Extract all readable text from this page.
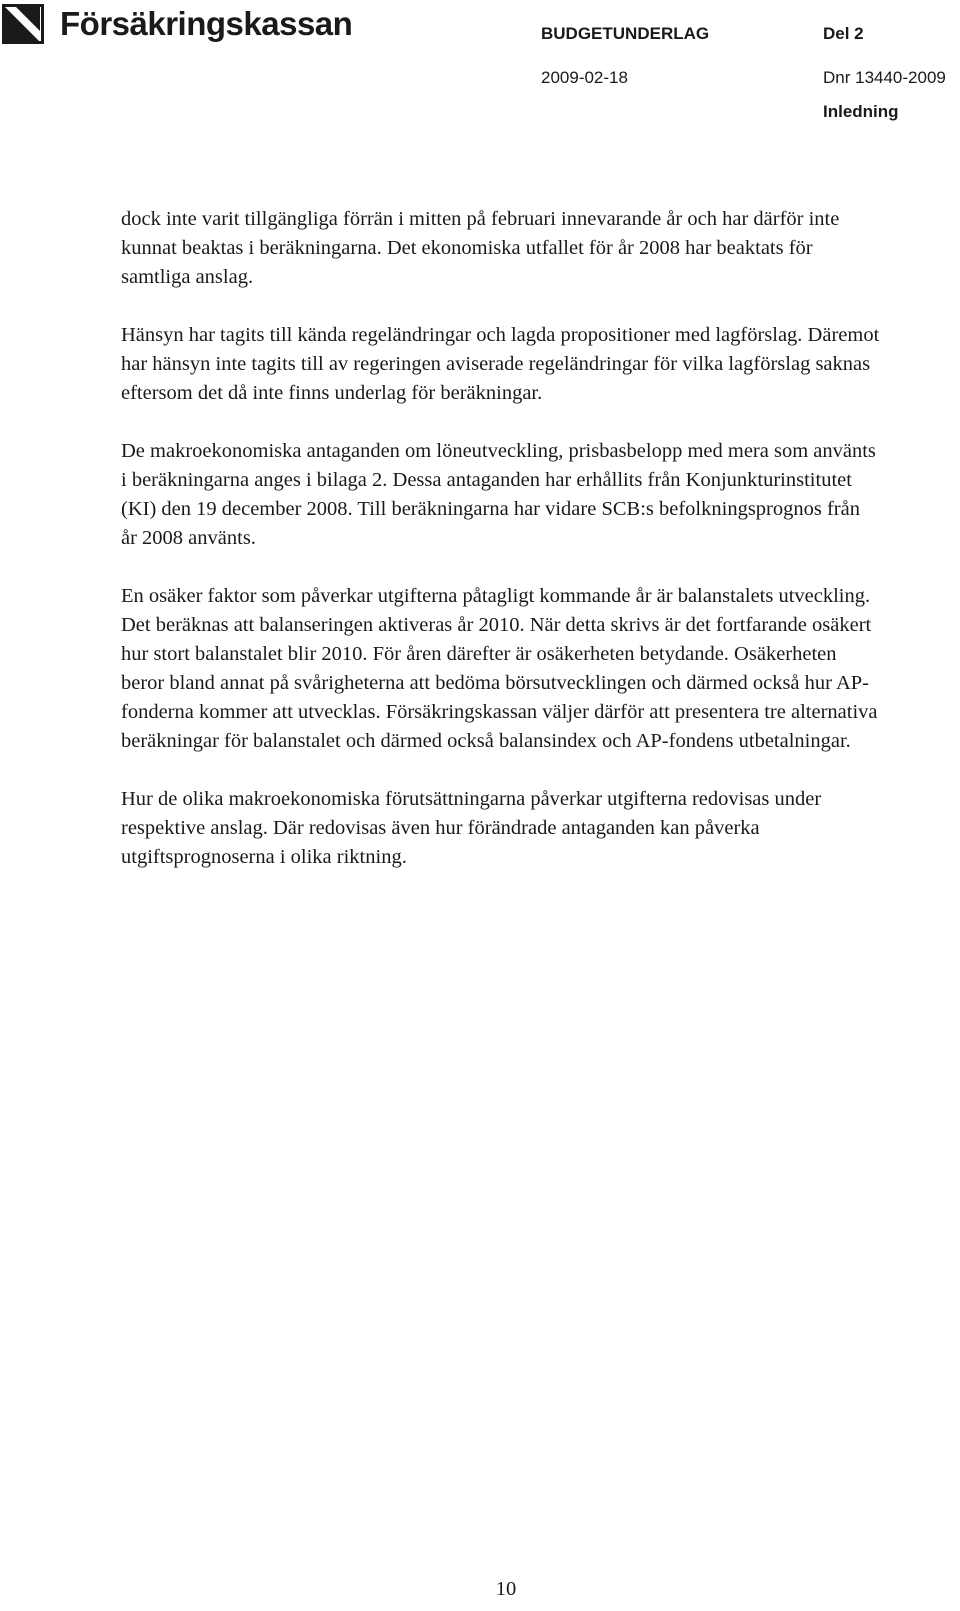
Försäkringskassan	BUDGETUNDERLAG	Del 2
2009-02-18	Dnr 13440-2009
Inledning

dock inte varit tillgängliga förrän i mitten på februari innevarande år och har därför inte kunnat beaktas i beräkningarna. Det ekonomiska utfallet för år 2008 har beaktats för samtliga anslag.

Hänsyn har tagits till kända regeländringar och lagda propositioner med lagförslag. Däremot har hänsyn inte tagits till av regeringen aviserade regeländringar för vilka lagförslag saknas eftersom det då inte finns underlag för beräkningar.

De makroekonomiska antaganden om löneutveckling, prisbasbelopp med mera som använts i beräkningarna anges i bilaga 2. Dessa antaganden har erhållits från Konjunkturinstitutet (KI) den 19 december 2008. Till beräkningarna har vidare SCB:s befolkningsprognos från år 2008 använts.

En osäker faktor som påverkar utgifterna påtagligt kommande år är balanstalets utveckling. Det beräknas att balanseringen aktiveras år 2010. När detta skrivs är det fortfarande osäkert hur stort balanstalet blir 2010. För åren därefter är osäkerheten betydande. Osäkerheten beror bland annat på svårigheterna att bedöma börsutvecklingen och därmed också hur AP-fonderna kommer att utvecklas. Försäkringskassan väljer därför att presentera tre alternativa beräkningar för balanstalet och därmed också balansindex och AP-fondens utbetalningar.

Hur de olika makroekonomiska förutsättningarna påverkar utgifterna redovisas under respektive anslag. Där redovisas även hur förändrade antaganden kan påverka utgiftsprognoserna i olika riktning.

10
